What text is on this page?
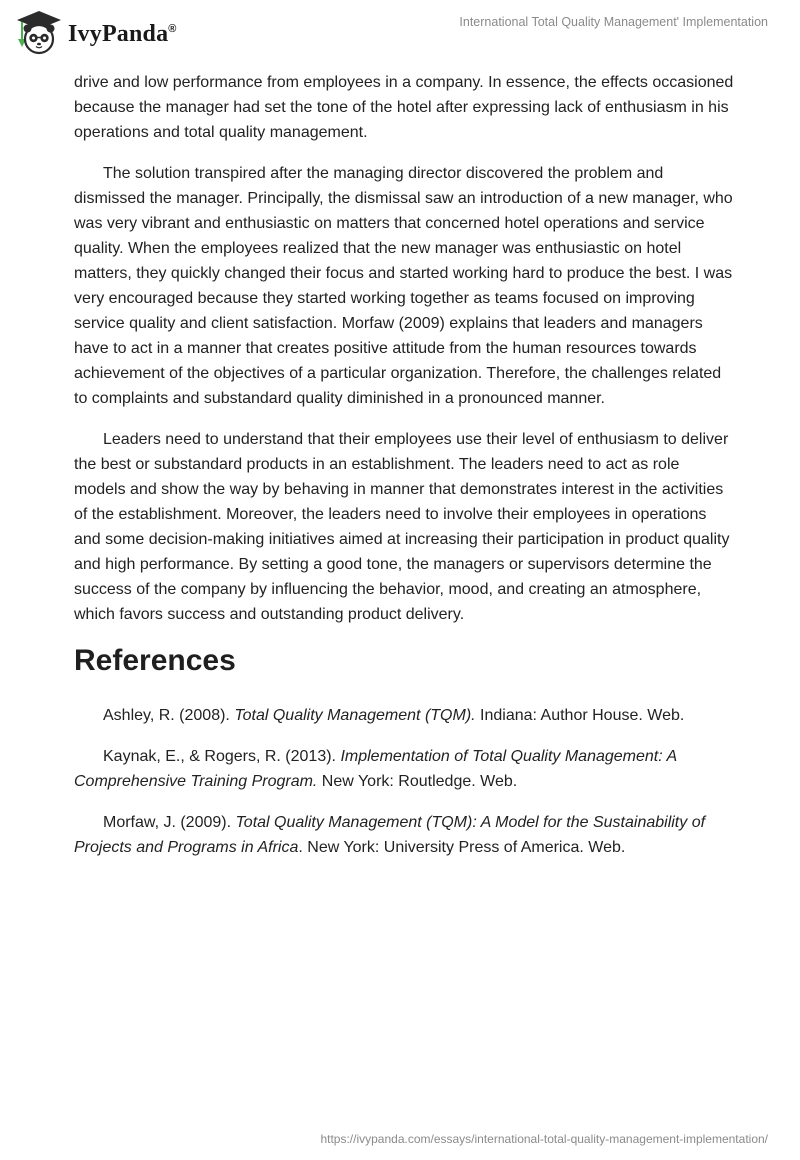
IvyPanda®	International Total Quality Management' Implementation

drive and low performance from employees in a company. In essence, the effects occasioned because the manager had set the tone of the hotel after expressing lack of enthusiasm in his operations and total quality management.

The solution transpired after the managing director discovered the problem and dismissed the manager. Principally, the dismissal saw an introduction of a new manager, who was very vibrant and enthusiastic on matters that concerned hotel operations and service quality. When the employees realized that the new manager was enthusiastic on hotel matters, they quickly changed their focus and started working hard to produce the best. I was very encouraged because they started working together as teams focused on improving service quality and client satisfaction. Morfaw (2009) explains that leaders and managers have to act in a manner that creates positive attitude from the human resources towards achievement of the objectives of a particular organization. Therefore, the challenges related to complaints and substandard quality diminished in a pronounced manner.

Leaders need to understand that their employees use their level of enthusiasm to deliver the best or substandard products in an establishment. The leaders need to act as role models and show the way by behaving in manner that demonstrates interest in the activities of the establishment. Moreover, the leaders need to involve their employees in operations and some decision-making initiatives aimed at increasing their participation in product quality and high performance. By setting a good tone, the managers or supervisors determine the success of the company by influencing the behavior, mood, and creating an atmosphere, which favors success and outstanding product delivery.

References

Ashley, R. (2008). Total Quality Management (TQM). Indiana: Author House. Web.

Kaynak, E., & Rogers, R. (2013). Implementation of Total Quality Management: A Comprehensive Training Program. New York: Routledge. Web.

Morfaw, J. (2009). Total Quality Management (TQM): A Model for the Sustainability of Projects and Programs in Africa. New York: University Press of America. Web.

https://ivypanda.com/essays/international-total-quality-management-implementation/
